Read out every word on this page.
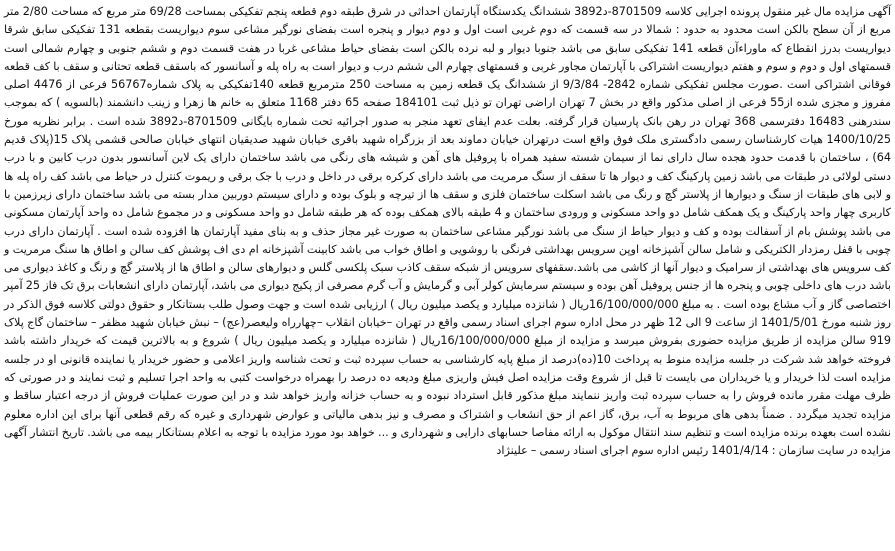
آگهی مزایده مال غیر منقول پرونده اجرایی کلاسه 8701509-د3892 ششدانگ یکدستگاه آپارتمان احداثی در شرق طبقه دوم قطعه پنجم تفکیکی بمساحت 69/28 متر مربع که مساحت 2/80 متر مربع از آن سطح بالکن است محدود به حدود : شمالا در سه قسمت که دوم غربی است اول و دوم دیوار و پنجره است بفضای نورگیر مشاعی سوم دیواریست بقطعه 131 تفکیکی سابق شرقا دیواریست بدرز انقطاع که ماوراءآن قطعه 141 تفکیکی سابق می باشد جنوبا دیوار و لبه نرده بالکن است بفضای حیاط مشاعی غربا در هفت قسمت دوم و ششم جنوبی و چهارم شمالی است قسمتهای اول و دوم و سوم و هفتم دیواریست اشتراکی با آپارتمان مجاور غربی و قسمتهای چهارم الی ششم درب و دیوار است به راه پله و آسانسور که باسقف قطعه تحتانی و سقف با کف قطعه فوقانی اشتراکی است .صورت مجلس تفکیکی شماره 2842- 9/3/84 از ششدانگ یک قطعه زمین به مساحت 250 مترمربع قطعه 140تفکیکی به پلاک شماره56767 فرعی از 4476 اصلی مفروز و مجزی شده از55 فرعی از اصلی مذکور واقع در بخش 7 تهران اراضی تهران تو ذیل ثبت 184101 صفحه 65 دفتر 1168 متعلق به خانم ها زهرا و زینب دانشمند (بالسویه ) که بموجب سندرهنی 16483 دفترسمی 368 تهران در رهن بانک پارسیان قرار گرفته. بعلت عدم ایفای تعهد منجر به صدور اجرائیه تحت شماره بایگانی 8701509-د3892 شده است . برابر نظریه مورخ 1400/10/25 هیات کارشناسان رسمی دادگستری ملک فوق واقع است درتهران خیابان دماوند بعد از بزرگراه شهید باقری خیابان شهید صدیقیان انتهای خیابان صالحی قشمی پلاک 15(پلاک قدیم 64) ، ساختمان با قدمت حدود هجده سال دارای نما از سیمان شسته سفید همراه با پروفیل های آهن و شیشه های رنگی می باشد ساختمان دارای یک لاین آسانسور بدون درب کابین و با درب دستی لولائی در طبقات می باشد زمین پارکینگ کف و دیوار ها تا سقف از سنگ مرمریت می باشد دارای کرکره برقی در داخل و درب با جک برقی و ریموت کنترل در حیاط می باشد کف راه پله ها و لابی های طبقات از سنگ و دیوارها از پلاستر گچ و رنگ می باشد اسکلت ساختمان فلزی و سقف ها از تیرچه و بلوک بوده و دارای سیستم دوربین مدار بسته می باشد ساختمان دارای زیرزمین با کاربری چهار واحد پارکینگ و یک همکف شامل دو واحد مسکونی و ورودی ساختمان و 4 طبقه بالای همکف بوده که هر طبقه شامل دو واحد مسکونی و در مجموع شامل ده واحد آپارتمان مسکونی می باشد پوشش بام از آسفالت بوده و کف و دیوار حیاط از سنگ می باشد نورگیر مشاعی ساختمان به صورت غیر مجاز حذف و به بنای مفید آپارتمان ها افزوده شده است . آپارتمان دارای درب چوبی با قفل رمزدار الکتریکی و شامل سالن آشپزخانه اوپن سرویس بهداشتی فرنگی با روشویی و اطاق خواب می باشد کابینت آشپزخانه ام دی اف پوشش کف سالن و اطاق ها سنگ مرمریت و کف سرویس های بهداشتی از سرامیک و دیوار آنها از کاشی می باشد.سقفهای سرویس از شبکه سقف کاذب سبک پلکسی گلس و دیوارهای سالن و اطاق ها از پلاستر گچ و رنگ و کاغذ دیواری می باشد درب های داخلی چوبی و پنجره ها از جنس پروفیل آهن بوده و سیستم سرمایش کولر آبی و گرمایش و آب گرم مصرفی از پکیج دیواری می باشد، آپارتمان دارای انشعابات برق تک فاز 25 آمپر اختصاصی گاز و آب مشاع بوده است . به مبلغ 16/100/000/000ریال ( شانزده میلیارد و یکصد میلیون ریال ) ارزیابی شده است و جهت وصول طلب بستانکار و حقوق دولتی کلاسه فوق الذکر در روز شنبه مورخ 1401/5/01 از ساعت 9 الی 12 ظهر در محل اداره سوم اجرای اسناد رسمی واقع در تهران –خیابان انقلاب –چهارراه ولیعصر(عج) – نبش خیابان شهید مظفر – ساختمان گاج پلاک 919 سالن مزایده از طریق مزایده حضوری بفروش میرسد و مزایده از مبلغ 16/100/000/000ریال ( شانزده میلیارد و یکصد میلیون ریال ) شروع و به بالاترین قیمت که خریدار داشته باشد فروخته خواهد شد شرکت در جلسه مزایده منوط به پرداخت 10(ده)درصد از مبلغ پایه کارشناسی به حساب سپرده ثبت و تحت شناسه واریز اعلامی و حضور خریدار یا نماینده قانونی او در جلسه مزایده است لذا خریدار و یا خریداران می بایست تا قبل از شروع وقت مزایده اصل فیش واریزی مبلغ ودیعه ده درصد را بهمراه درخواست کتبی به واحد اجرا تسلیم و ثبت نمایند و در صورتی که ظرف مهلت مقرر مانده فروش را به حساب سپرده ثبت واریز ننمایند مبلغ مذکور قابل استرداد نبوده و به حساب خزانه واریز خواهد شد و در این صورت عملیات فروش از درجه اعتبار ساقط و مزایده تجدید میگردد . ضمناً بدهی های مربوط به آب، برق، گاز اعم از حق انشعاب و اشتراک و مصرف و نیز بدهی مالیاتی و عوارض شهرداری و غیره که رقم قطعی آنها برای این اداره معلوم نشده است بعهده برنده مزایده است و تنظیم سند انتقال موکول به ارائه مفاصا حسابهای دارایی و شهرداری و ... خواهد بود مورد مزایده با توجه به اعلام بستانکار بیمه می باشد. تاریخ انتشار آگهی مزایده در سایت سازمان : 1401/4/14 رئیس اداره سوم اجرای اسناد رسمی – علینژاد
